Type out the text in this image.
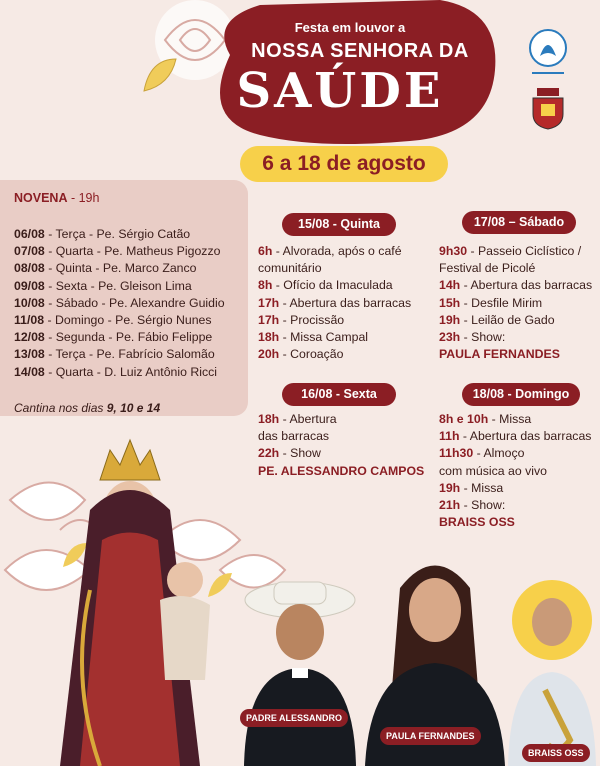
Festa em louvor a
NOSSA SENHORA DA
SAÚDE
6 a 18 de agosto
NOVENA - 19h
06/08 - Terça - Pe. Sérgio Catão
07/08 - Quarta - Pe. Matheus Pigozzo
08/08 - Quinta - Pe. Marco Zanco
09/08 - Sexta - Pe. Gleison Lima
10/08 - Sábado - Pe. Alexandre Guidio
11/08 - Domingo - Pe. Sérgio Nunes
12/08 - Segunda - Pe. Fábio Felippe
13/08 - Terça - Pe. Fabrício Salomão
14/08 - Quarta - D. Luiz Antônio Ricci
Cantina nos dias 9, 10 e 14
15/08 - Quinta
6h - Alvorada, após o café
comunitário
8h - Ofício da Imaculada
17h - Abertura das barracas
17h - Procissão
18h - Missa Campal
20h - Coroação
16/08 - Sexta
18h - Abertura
das barracas
22h - Show
PE. ALESSANDRO CAMPOS
17/08 – Sábado
9h30 - Passeio Ciclístico /
Festival de Picolé
14h - Abertura das barracas
15h - Desfile Mirim
19h - Leilão de Gado
23h - Show:
PAULA FERNANDES
18/08 - Domingo
8h e 10h - Missa
11h - Abertura das barracas
11h30 - Almoço
com música ao vivo
19h - Missa
21h - Show:
BRAISS OSS
PADRE ALESSANDRO
PAULA FERNANDES
BRAISS OSS
